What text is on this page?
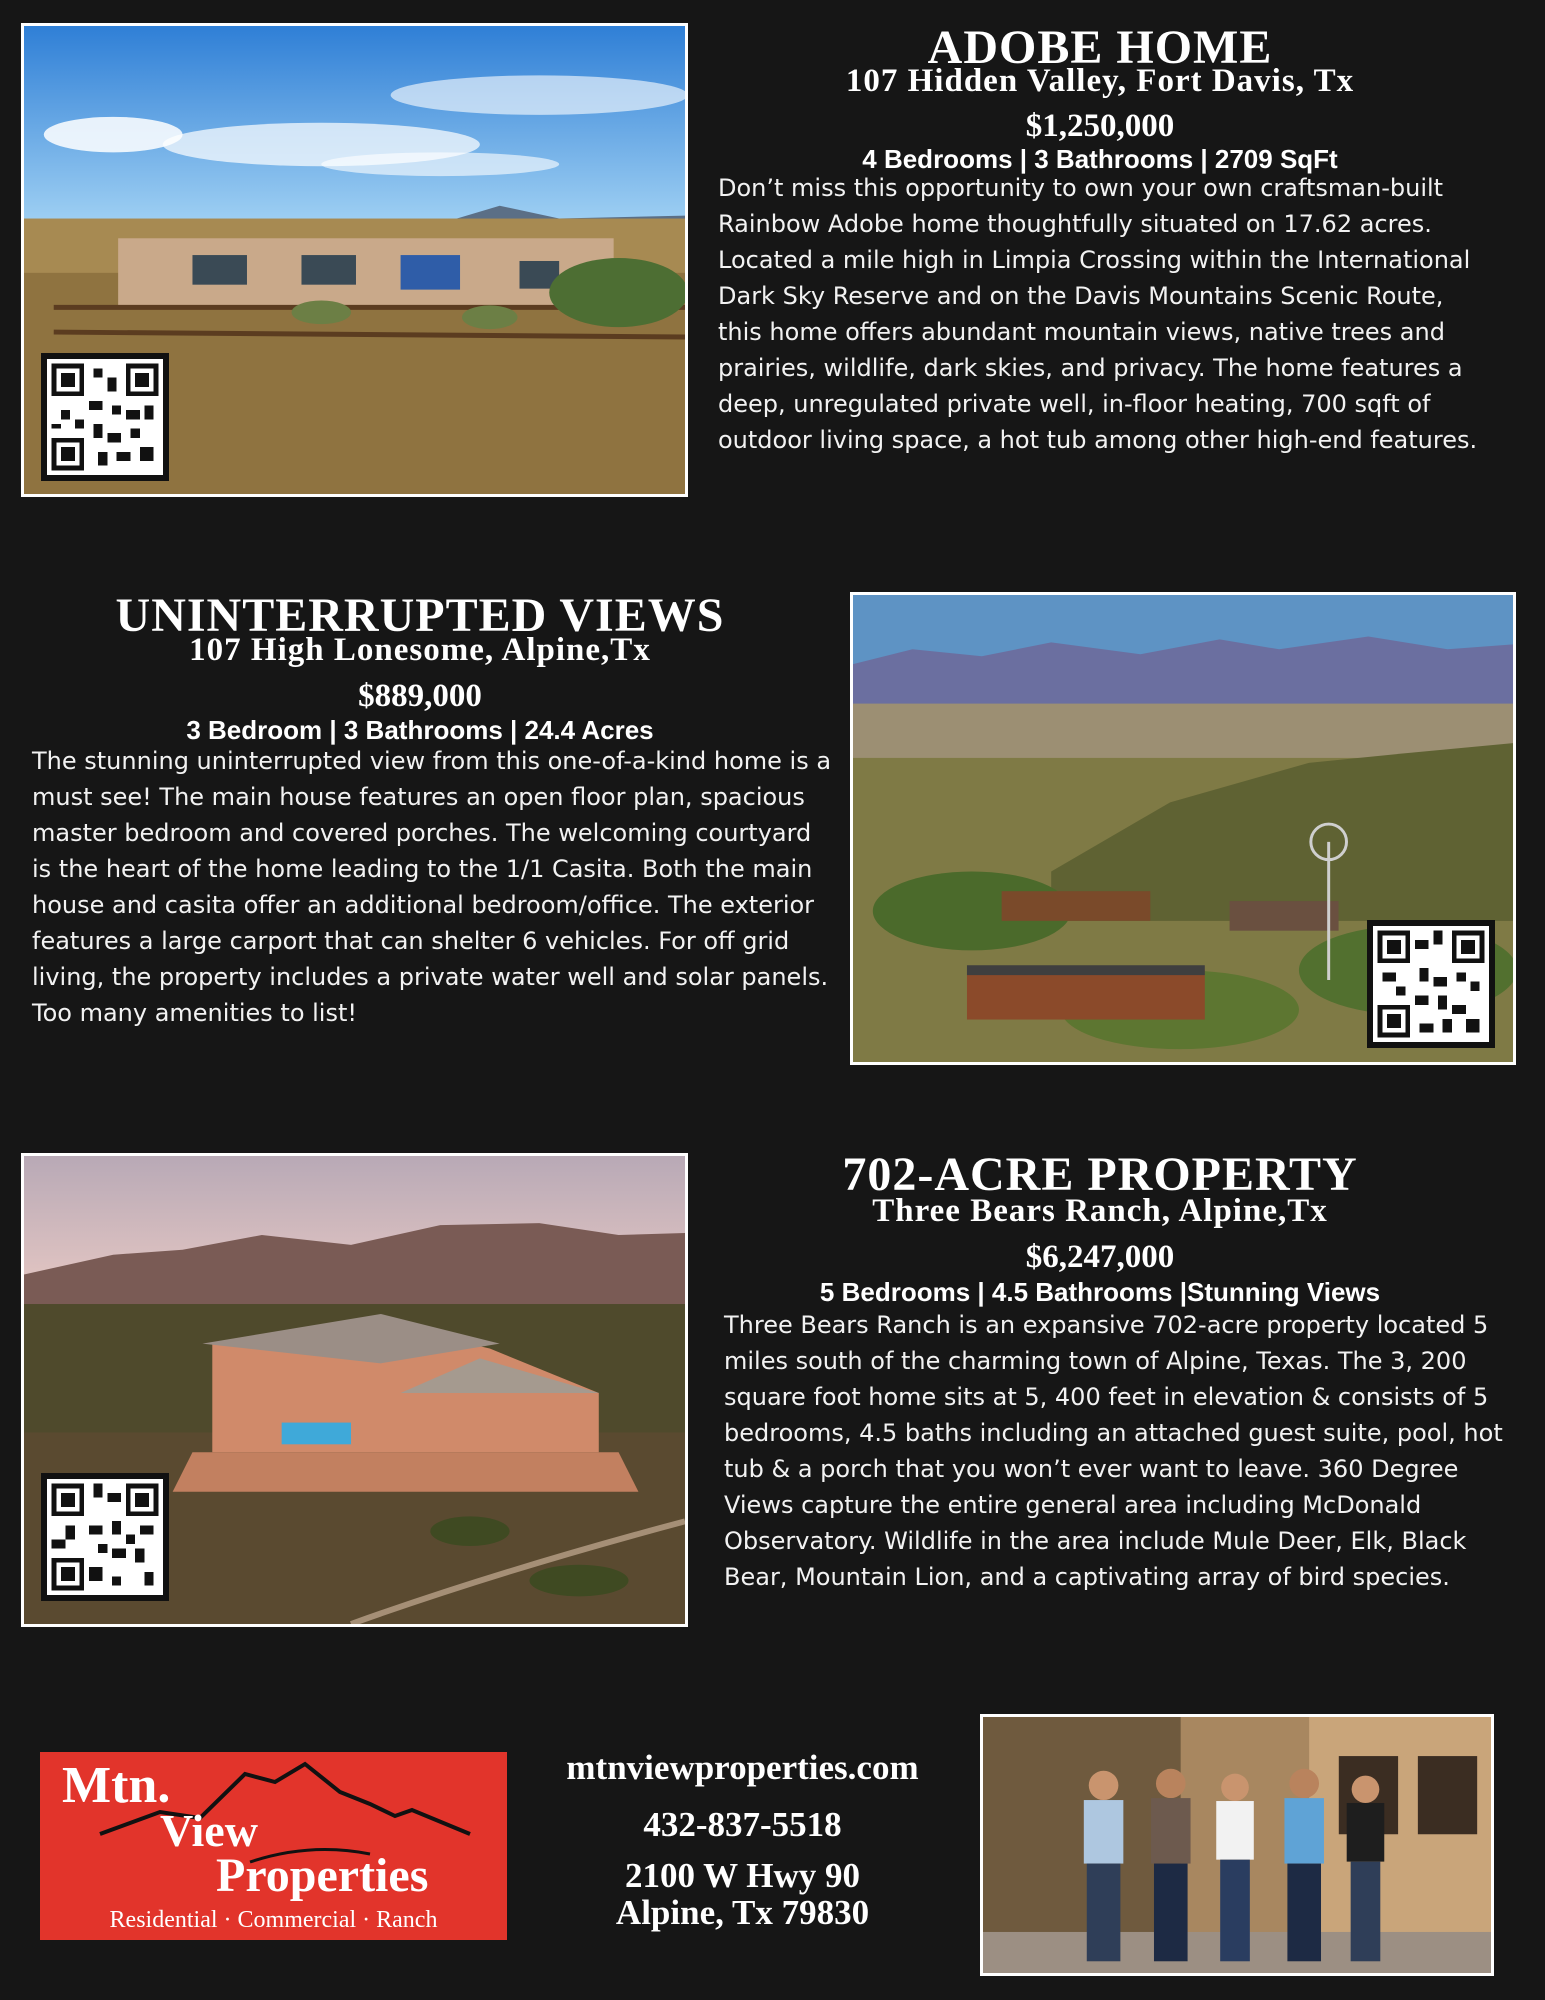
ADOBE HOME
107 Hidden Valley, Fort Davis, Tx
$1,250,000
4 Bedrooms | 3 Bathrooms | 2709 SqFt
Don’t miss this opportunity to own your own craftsman-built Rainbow Adobe home thoughtfully situated on 17.62 acres. Located a mile high in Limpia Crossing within the International Dark Sky Reserve and on the Davis Mountains Scenic Route, this home offers abundant mountain views, native trees and prairies, wildlife, dark skies, and privacy. The home features a deep, unregulated private well, in-floor heating, 700 sqft of outdoor living space, a hot tub among other high-end features.
UNINTERRUPTED VIEWS
107 High Lonesome, Alpine,Tx
$889,000
3 Bedroom | 3 Bathrooms | 24.4 Acres
The stunning uninterrupted view from this one-of-a-kind home is a must see! The main house features an open floor plan, spacious master bedroom and covered porches. The welcoming courtyard is the heart of the home leading to the 1/1 Casita. Both the main house and casita offer an additional bedroom/office. The exterior features a large carport that can shelter 6 vehicles. For off grid living, the property includes a private water well and solar panels. Too many amenities to list!
702-ACRE PROPERTY
Three Bears Ranch, Alpine,Tx
$6,247,000
5 Bedrooms | 4.5 Bathrooms |Stunning Views
Three Bears Ranch is an expansive 702-acre property located 5 miles south of the charming town of Alpine, Texas. The 3, 200 square foot home sits at 5, 400 feet in elevation & consists of 5 bedrooms, 4.5 baths including an attached guest suite, pool, hot tub & a porch that you won’t ever want to leave. 360 Degree Views capture the entire general area including McDonald Observatory. Wildlife in the area include Mule Deer, Elk, Black Bear, Mountain Lion, and a captivating array of bird species.
Mtn.
View
Properties
Residential · Commercial · Ranch
mtnviewproperties.com
432-837-5518
2100 W Hwy 90
Alpine, Tx 79830
